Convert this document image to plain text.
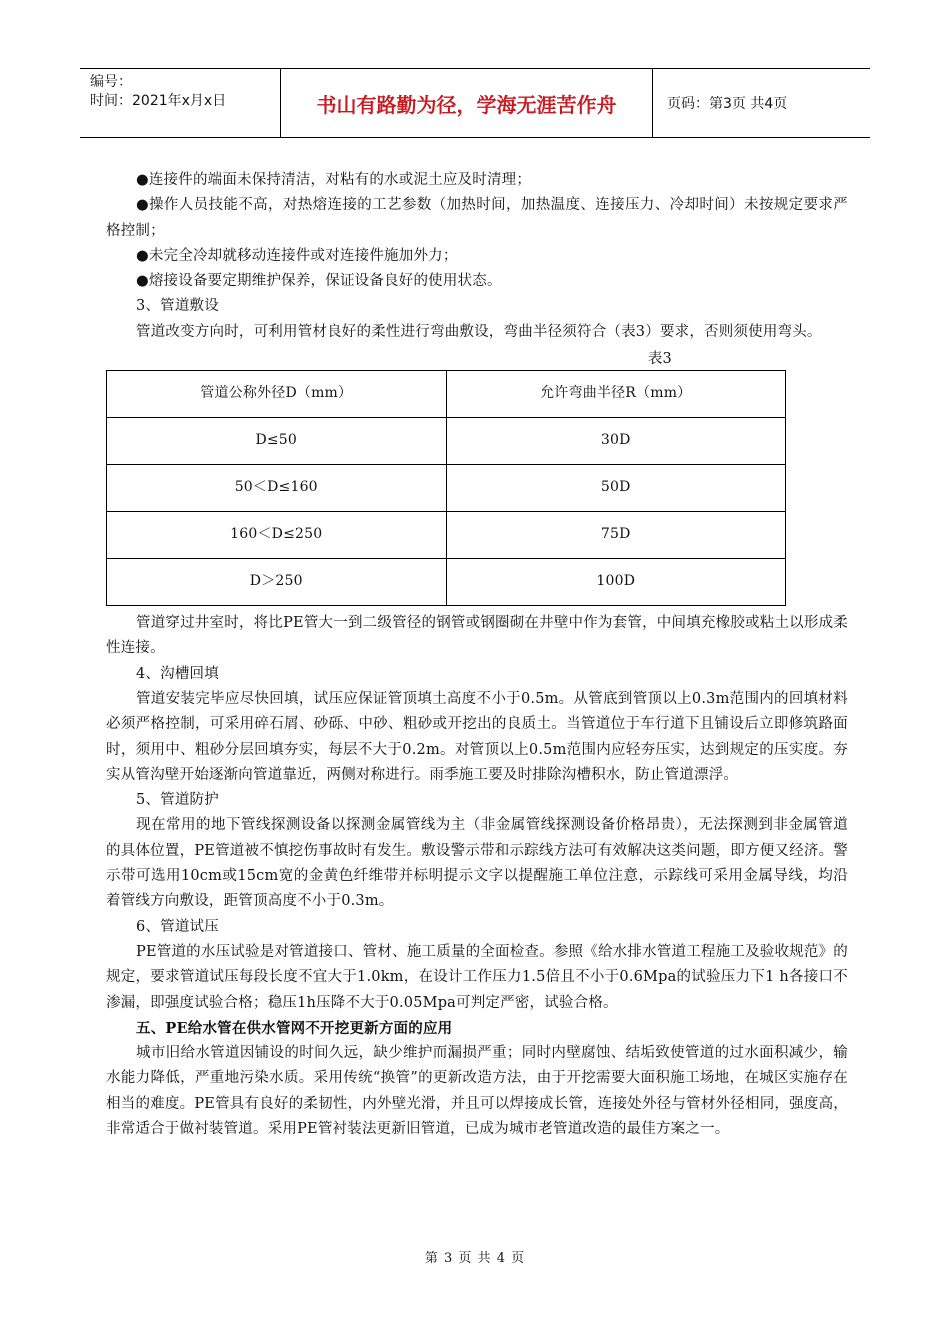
编号：
时间：2021年x月x日	书山有路勤为径，学海无涯苦作舟	页码：第3页 共4页

●连接件的端面未保持清洁，对粘有的水或泥土应及时清理；

●操作人员技能不高，对热熔连接的工艺参数（加热时间，加热温度、连接压力、冷却时间）未按规定要求严格控制；

●未完全冷却就移动连接件或对连接件施加外力；

●熔接设备要定期维护保养，保证设备良好的使用状态。

3、管道敷设

管道改变方向时，可利用管材良好的柔性进行弯曲敷设，弯曲半径须符合（表3）要求，否则须使用弯头。

表3
管道公称外径D（mm）	允许弯曲半径R（mm）
D≤50	30D
50＜D≤160	50D
160＜D≤250	75D
D＞250	100D

管道穿过井室时，将比PE管大一到二级管径的钢管或钢圈砌在井壁中作为套管，中间填充橡胶或粘土以形成柔性连接。

4、沟槽回填

管道安装完毕应尽快回填，试压应保证管顶填土高度不小于0.5m。从管底到管顶以上0.3m范围内的回填材料必须严格控制，可采用碎石屑、砂砾、中砂、粗砂或开挖出的良质土。当管道位于车行道下且铺设后立即修筑路面时，须用中、粗砂分层回填夯实，每层不大于0.2m。对管顶以上0.5m范围内应轻夯压实，达到规定的压实度。夯实从管沟壁开始逐渐向管道靠近，两侧对称进行。雨季施工要及时排除沟槽积水，防止管道漂浮。

5、管道防护

现在常用的地下管线探测设备以探测金属管线为主（非金属管线探测设备价格昂贵），无法探测到非金属管道的具体位置，PE管道被不慎挖伤事故时有发生。敷设警示带和示踪线方法可有效解决这类问题，即方便又经济。警示带可选用10cm或15cm宽的金黄色纤维带并标明提示文字以提醒施工单位注意，示踪线可采用金属导线，均沿着管线方向敷设，距管顶高度不小于0.3m。

6、管道试压

PE管道的水压试验是对管道接口、管材、施工质量的全面检查。参照《给水排水管道工程施工及验收规范》的规定，要求管道试压每段长度不宜大于1.0km，在设计工作压力1.5倍且不小于0.6Mpa的试验压力下1 h各接口不渗漏，即强度试验合格；稳压1h压降不大于0.05Mpa可判定严密，试验合格。

五、PE给水管在供水管网不开挖更新方面的应用

城市旧给水管道因铺设的时间久远，缺少维护而漏损严重；同时内壁腐蚀、结垢致使管道的过水面积减少，输水能力降低，严重地污染水质。采用传统“换管”的更新改造方法，由于开挖需要大面积施工场地，在城区实施存在相当的难度。PE管具有良好的柔韧性，内外壁光滑，并且可以焊接成长管，连接处外径与管材外径相同，强度高，非常适合于做衬装管道。采用PE管衬装法更新旧管道，已成为城市老管道改造的最佳方案之一。

第 3 页 共 4 页
